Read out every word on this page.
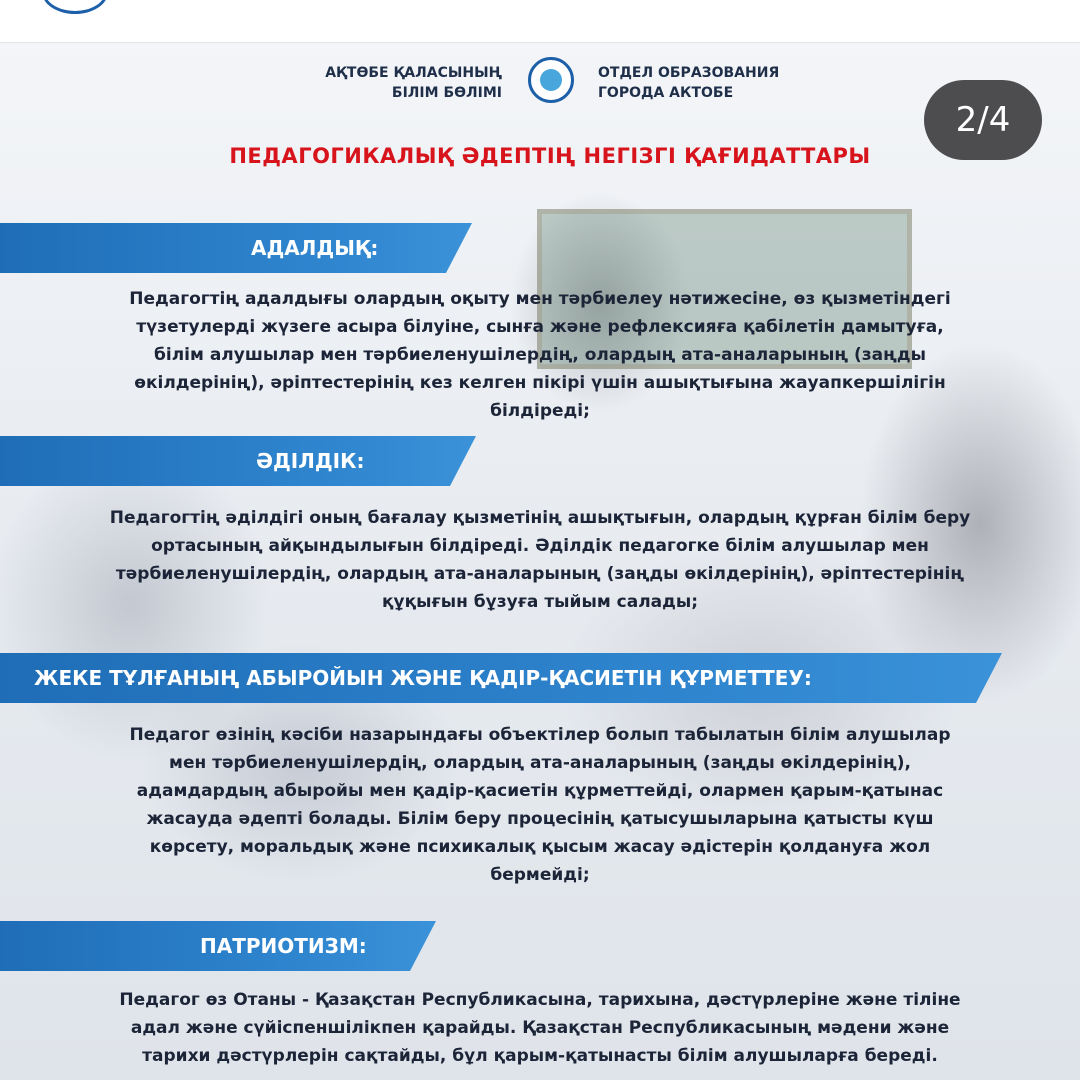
АҚТӨБЕ ҚАЛАСЫНЫҢ
БІЛІМ БӨЛІМІ
ОТДЕЛ ОБРАЗОВАНИЯ
ГОРОДА АКТОБЕ
2/4
ПЕДАГОГИКАЛЫҚ ӘДЕПТІҢ НЕГІЗГІ ҚАҒИДАТТАРЫ
АДАЛДЫҚ:
Педагогтің адалдығы олардың оқыту мен тәрбиелеу нәтижесіне, өз қызметіндегі
түзетулерді жүзеге асыра білуіне, сынға және рефлексияға қабілетін дамытуға,
білім алушылар мен тәрбиеленушілердің, олардың ата-аналарының (заңды
өкілдерінің), әріптестерінің кез келген пікірі үшін ашықтығына жауапкершілігін
білдіреді;
ӘДІЛДІК:
Педагогтің әділдігі оның бағалау қызметінің ашықтығын, олардың құрған білім беру
ортасының айқындылығын білдіреді. Әділдік педагогке білім алушылар мен
тәрбиеленушілердің, олардың ата-аналарының (заңды өкілдерінің), әріптестерінің
құқығын бұзуға тыйым салады;
ЖЕКЕ ТҰЛҒАНЫҢ АБЫРОЙЫН ЖӘНЕ ҚАДІР-ҚАСИЕТІН ҚҰРМЕТТЕУ:
Педагог өзінің кәсіби назарындағы объектілер болып табылатын білім алушылар
мен тәрбиеленушілердің, олардың ата-аналарының (заңды өкілдерінің),
адамдардың абыройы мен қадір-қасиетін құрметтейді, олармен қарым-қатынас
жасауда әдепті болады. Білім беру процесінің қатысушыларына қатысты күш
көрсету, моральдық және психикалық қысым жасау әдістерін қолдануға жол
бермейді;
ПАТРИОТИЗМ:
Педагог өз Отаны - Қазақстан Республикасына, тарихына, дәстүрлеріне және тіліне
адал және сүйіспеншілікпен қарайды. Қазақстан Республикасының мәдени және
тарихи дәстүрлерін сақтайды, бұл қарым-қатынасты білім алушыларға береді.
